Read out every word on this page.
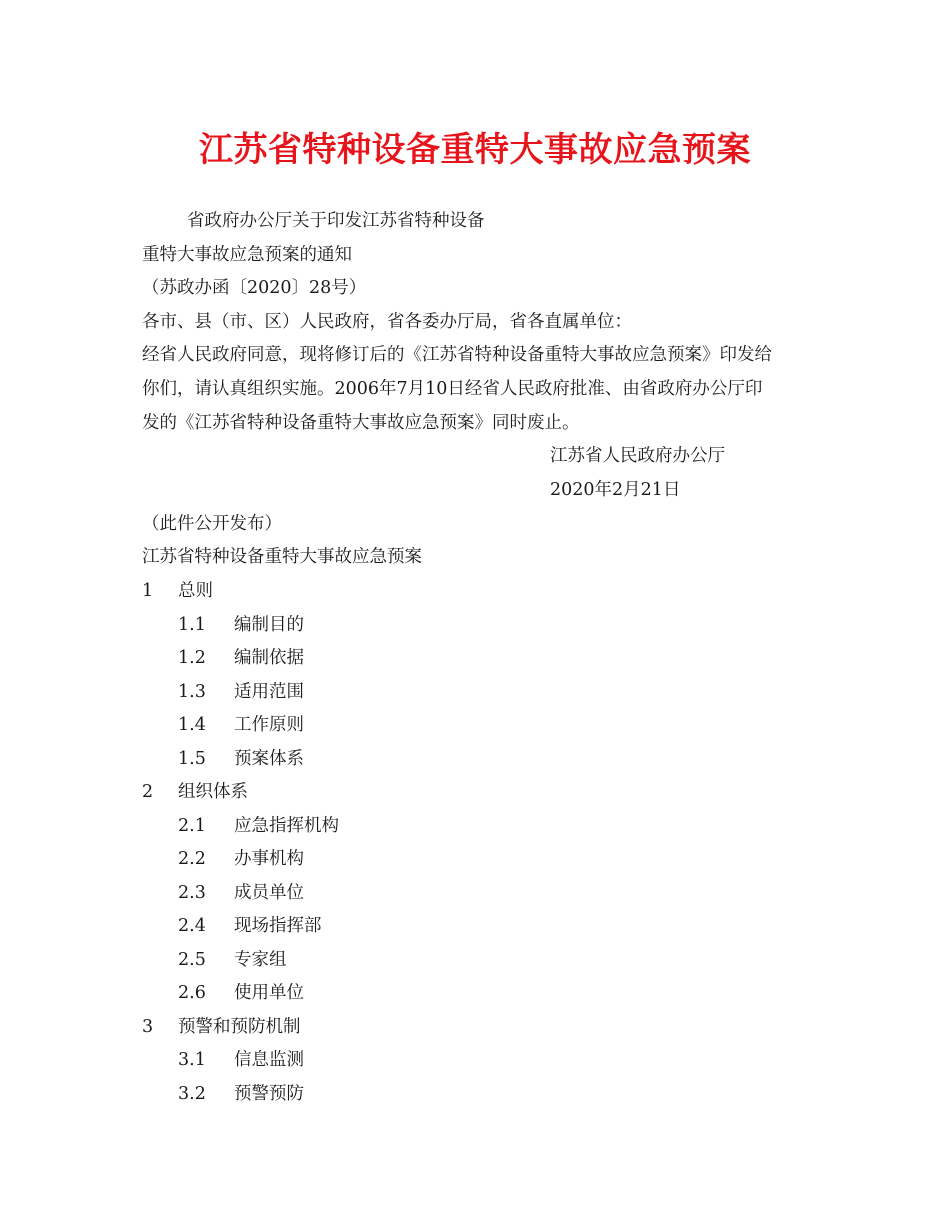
江苏省特种设备重特大事故应急预案
省政府办公厅关于印发江苏省特种设备
重特大事故应急预案的通知
（苏政办函〔2020〕28号）
各市、县（市、区）人民政府，省各委办厅局，省各直属单位：
经省人民政府同意，现将修订后的《江苏省特种设备重特大事故应急预案》印发给
你们，请认真组织实施。2006年7月10日经省人民政府批准、由省政府办公厅印
发的《江苏省特种设备重特大事故应急预案》同时废止。
江苏省人民政府办公厅
2020年2月21日
（此件公开发布）
江苏省特种设备重特大事故应急预案
1 总则
1.1 编制目的
1.2 编制依据
1.3 适用范围
1.4 工作原则
1.5 预案体系
2 组织体系
2.1 应急指挥机构
2.2 办事机构
2.3 成员单位
2.4 现场指挥部
2.5 专家组
2.6 使用单位
3 预警和预防机制
3.1 信息监测
3.2 预警预防
